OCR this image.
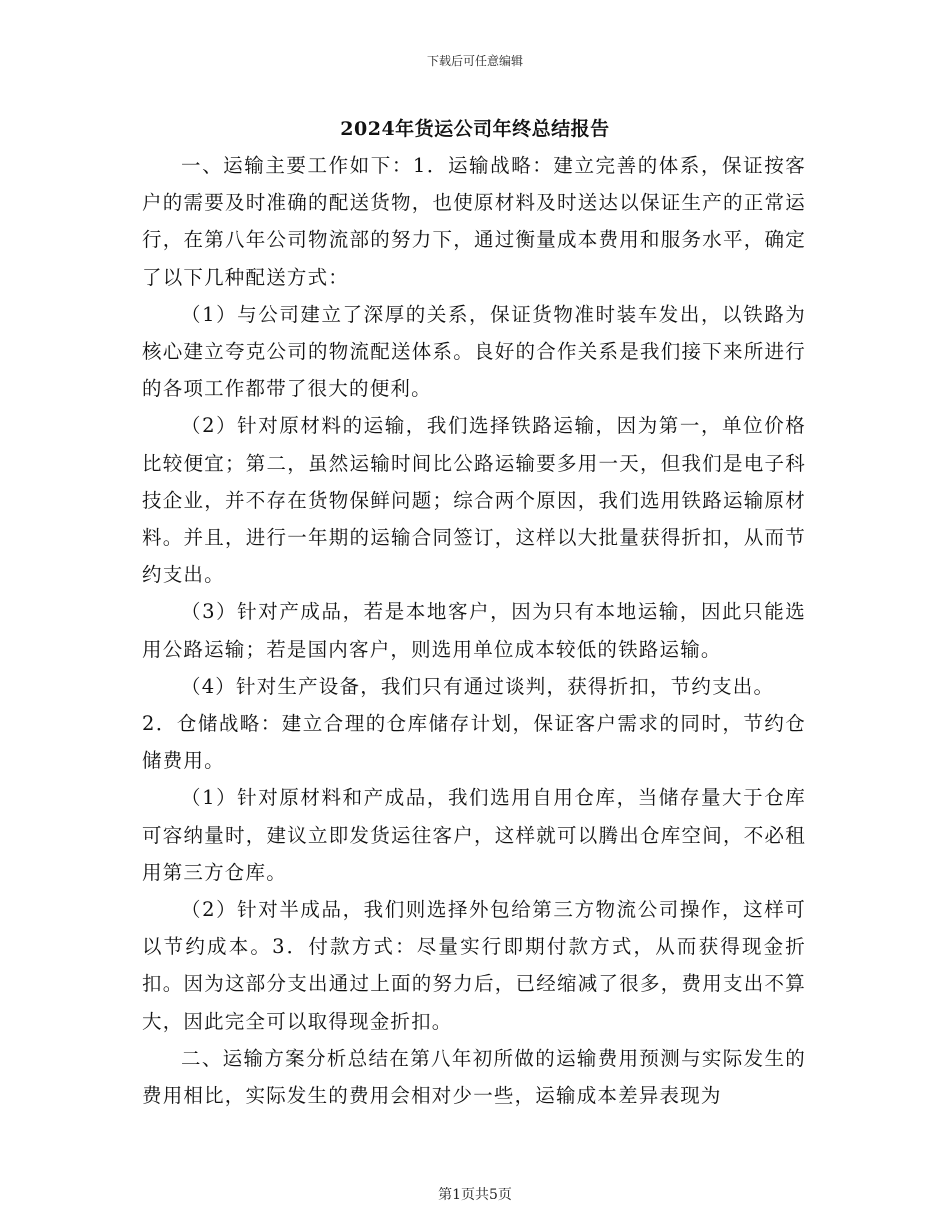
下载后可任意编辑
2024年货运公司年终总结报告

一、运输主要工作如下：1．运输战略：建立完善的体系，保证按客户的需要及时准确的配送货物，也使原材料及时送达以保证生产的正常运行，在第八年公司物流部的努力下，通过衡量成本费用和服务水平，确定了以下几种配送方式：

（1）与公司建立了深厚的关系，保证货物准时装车发出，以铁路为核心建立夸克公司的物流配送体系。良好的合作关系是我们接下来所进行的各项工作都带了很大的便利。

（2）针对原材料的运输，我们选择铁路运输，因为第一，单位价格比较便宜；第二，虽然运输时间比公路运输要多用一天，但我们是电子科技企业，并不存在货物保鲜问题；综合两个原因，我们选用铁路运输原材料。并且，进行一年期的运输合同签订，这样以大批量获得折扣，从而节约支出。

（3）针对产成品，若是本地客户，因为只有本地运输，因此只能选用公路运输；若是国内客户，则选用单位成本较低的铁路运输。

（4）针对生产设备，我们只有通过谈判，获得折扣，节约支出。

2．仓储战略：建立合理的仓库储存计划，保证客户需求的同时，节约仓储费用。

（1）针对原材料和产成品，我们选用自用仓库，当储存量大于仓库可容纳量时，建议立即发货运往客户，这样就可以腾出仓库空间，不必租用第三方仓库。

（2）针对半成品，我们则选择外包给第三方物流公司操作，这样可以节约成本。3．付款方式：尽量实行即期付款方式，从而获得现金折扣。因为这部分支出通过上面的努力后，已经缩减了很多，费用支出不算大，因此完全可以取得现金折扣。

二、运输方案分析总结在第八年初所做的运输费用预测与实际发生的费用相比，实际发生的费用会相对少一些，运输成本差异表现为

第1页共5页
